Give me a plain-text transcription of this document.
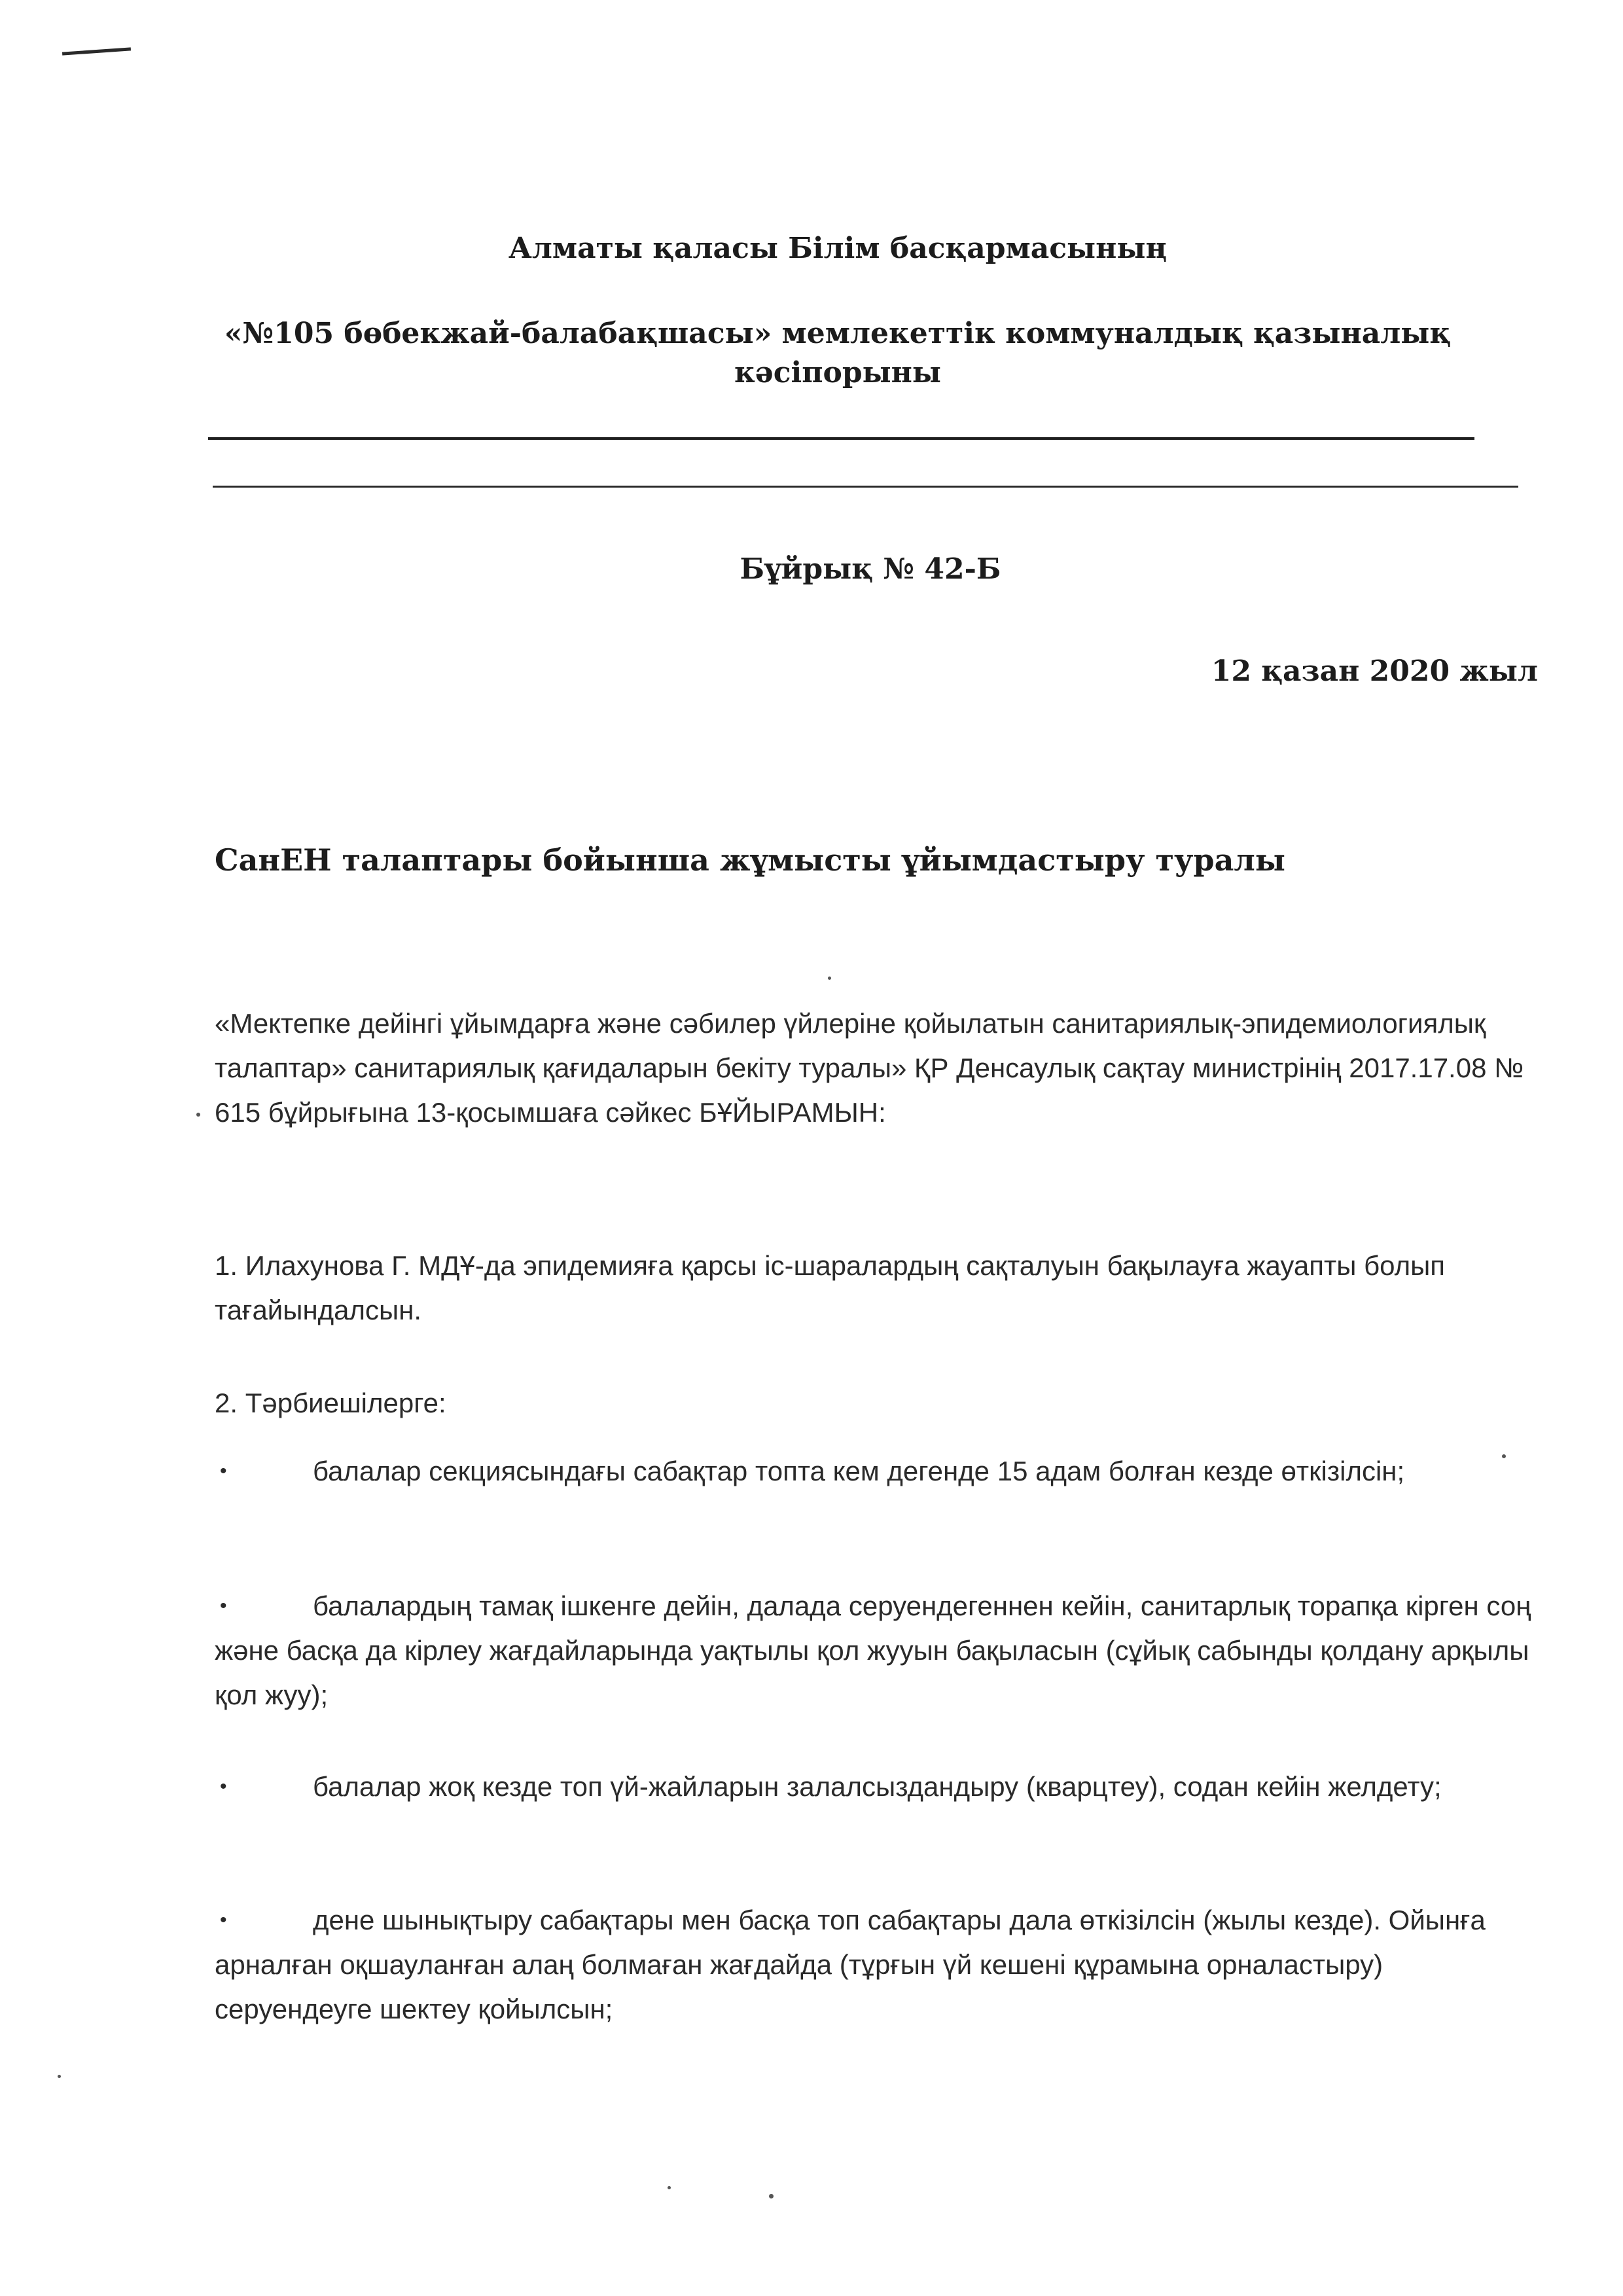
Алматы қаласы Білім басқармасының
«№105 бөбекжай-балабақшасы» мемлекеттік коммуналдық қазыналық кәсіпорыны
Бұйрық № 42-Б
12 қазан 2020 жыл
СанЕН талаптары бойынша жұмысты ұйымдастыру туралы

«Мектепке дейінгі ұйымдарға және сәбилер үйлеріне қойылатын санитариялық-эпидемиологиялық талаптар» санитариялық қағидаларын бекіту туралы» ҚР Денсаулық сақтау министрінің 2017.17.08 № 615 бұйрығына 13-қосымшаға сәйкес БҰЙЫРАМЫН:

1. Илахунова Г. МДҰ-да эпидемияға қарсы іс-шаралардың сақталуын бақылауға жауапты болып тағайындалсын.

2. Тәрбиешілерге:

•	балалар секциясындағы сабақтар топта кем дегенде 15 адам болған кезде өткізілсін;

•	балалардың тамақ ішкенге дейін, далада серуендегеннен кейін, санитарлық торапқа кірген соң және басқа да кірлеу жағдайларында уақтылы қол жууын бақыласын (сұйық сабынды қолдану арқылы қол жуу);

•	балалар жоқ кезде топ үй-жайларын залалсыздандыру (кварцтеу), содан кейін желдету;

•	дене шынықтыру сабақтары мен басқа топ сабақтары дала өткізілсін (жылы кезде). Ойынға арналған оқшауланған алаң болмаған жағдайда (тұрғын үй кешені құрамына орналастыру) серуендеуге шектеу қойылсын;
